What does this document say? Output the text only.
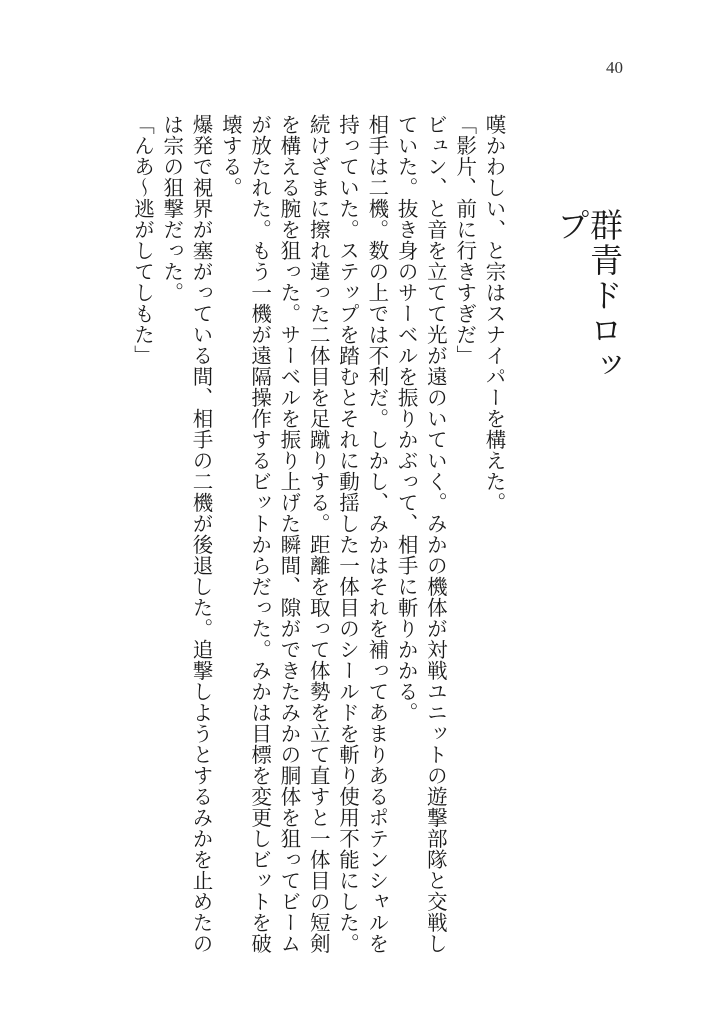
40
群青ドロップ

嘆かわしい、と宗はスナイパーを構えた。

「影片、前に行きすぎだ」

ビュン、と音を立てて光が遠のいていく。みかの機体が対戦ユニットの遊撃部隊と交戦していた。抜き身のサーベルを振りかぶって、相手に斬りかかる。

相手は二機。数の上では不利だ。しかし、みかはそれを補ってあまりあるポテンシャルを持っていた。ステップを踏むとそれに動揺した一体目のシールドを斬り使用不能にした。続けざまに擦れ違った二体目を足蹴りする。距離を取って体勢を立て直すと一体目の短剣を構える腕を狙った。サーベルを振り上げた瞬間、隙ができたみかの胴体を狙ってビームが放たれた。もう一機が遠隔操作するビットからだった。みかは目標を変更しビットを破壊する。

爆発で視界が塞がっている間、相手の二機が後退した。追撃しようとするみかを止めたのは宗の狙撃だった。

「んあ～逃がしてしもた」
